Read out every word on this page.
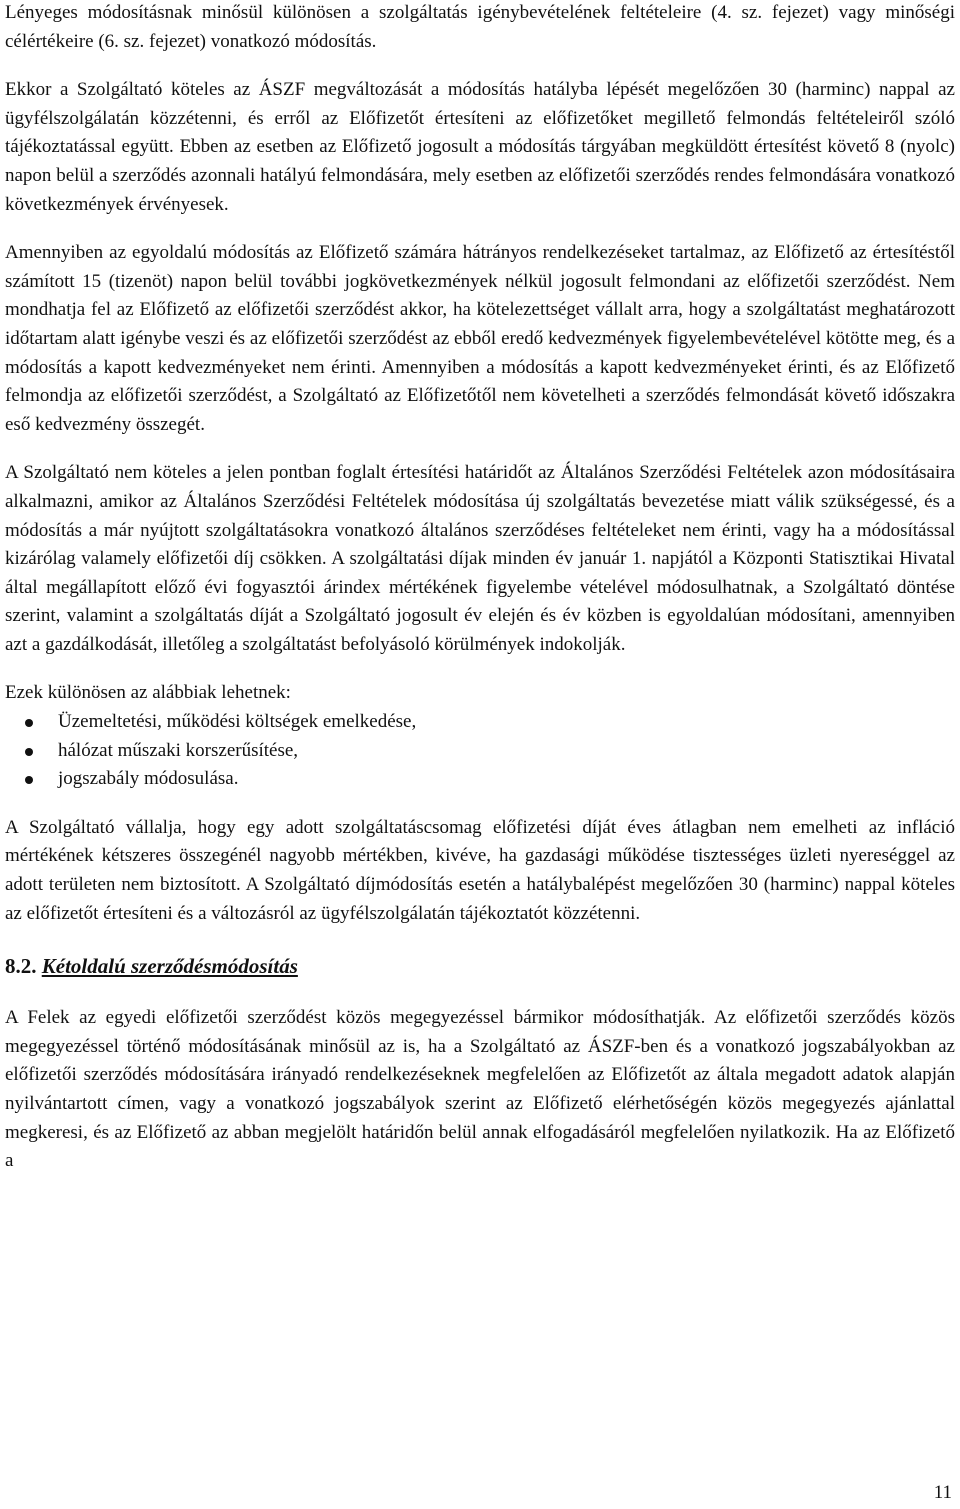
Lényeges módosításnak minősül különösen a szolgáltatás igénybevételének feltételeire (4. sz. fejezet) vagy minőségi célértékeire (6. sz. fejezet) vonatkozó módosítás.

Ekkor a Szolgáltató köteles az ÁSZF megváltozását a módosítás hatályba lépését megelőzően 30 (harminc) nappal az ügyfélszolgálatán közzétenni, és erről az Előfizetőt értesíteni az előfizetőket megillető felmondás feltételeiről szóló tájékoztatással együtt. Ebben az esetben az Előfizető jogosult a módosítás tárgyában megküldött értesítést követő 8 (nyolc) napon belül a szerződés azonnali hatályú felmondására, mely esetben az előfizetői szerződés rendes felmondására vonatkozó következmények érvényesek.

Amennyiben az egyoldalú módosítás az Előfizető számára hátrányos rendelkezéseket tartalmaz, az Előfizető az értesítéstől számított 15 (tizenöt) napon belül további jogkövetkezmények nélkül jogosult felmondani az előfizetői szerződést. Nem mondhatja fel az Előfizető az előfizetői szerződést akkor, ha kötelezettséget vállalt arra, hogy a szolgáltatást meghatározott időtartam alatt igénybe veszi és az előfizetői szerződést az ebből eredő kedvezmények figyelembevételével kötötte meg, és a módosítás a kapott kedvezményeket nem érinti. Amennyiben a módosítás a kapott kedvezményeket érinti, és az Előfizető felmondja az előfizetői szerződést, a Szolgáltató az Előfizetőtől nem követelheti a szerződés felmondását követő időszakra eső kedvezmény összegét.

A Szolgáltató nem köteles a jelen pontban foglalt értesítési határidőt az Általános Szerződési Feltételek azon módosításaira alkalmazni, amikor az Általános Szerződési Feltételek módosítása új szolgáltatás bevezetése miatt válik szükségessé, és a módosítás a már nyújtott szolgáltatásokra vonatkozó általános szerződéses feltételeket nem érinti, vagy ha a módosítással kizárólag valamely előfizetői díj csökken. A szolgáltatási díjak minden év január 1. napjától a Központi Statisztikai Hivatal által megállapított előző évi fogyasztói árindex mértékének figyelembe vételével módosulhatnak, a Szolgáltató döntése szerint, valamint a szolgáltatás díját a Szolgáltató jogosult év elején és év közben is egyoldalúan módosítani, amennyiben azt a gazdálkodását, illetőleg a szolgáltatást befolyásoló körülmények indokolják.

Ezek különösen az alábbiak lehetnek:

Üzemeltetési, működési költségek emelkedése,
hálózat műszaki korszerűsítése,
jogszabály módosulása.

A Szolgáltató vállalja, hogy egy adott szolgáltatáscsomag előfizetési díját éves átlagban nem emelheti az infláció mértékének kétszeres összegénél nagyobb mértékben, kivéve, ha gazdasági működése tisztességes üzleti nyereséggel az adott területen nem biztosított. A Szolgáltató díjmódosítás esetén a hatálybalépést megelőzően 30 (harminc) nappal köteles az előfizetőt értesíteni és a változásról az ügyfélszolgálatán tájékoztatót közzétenni.

8.2. Kétoldalú szerződésmódosítás

A Felek az egyedi előfizetői szerződést közös megegyezéssel bármikor módosíthatják. Az előfizetői szerződés közös megegyezéssel történő módosításának minősül az is, ha a Szolgáltató az ÁSZF-ben és a vonatkozó jogszabályokban az előfizetői szerződés módosítására irányadó rendelkezéseknek megfelelően az Előfizetőt az általa megadott adatok alapján nyilvántartott címen, vagy a vonatkozó jogszabályok szerint az Előfizető elérhetőségén közös megegyezés ajánlattal megkeresi, és az Előfizető az abban megjelölt határidőn belül annak elfogadásáról megfelelően nyilatkozik. Ha az Előfizető a

11
